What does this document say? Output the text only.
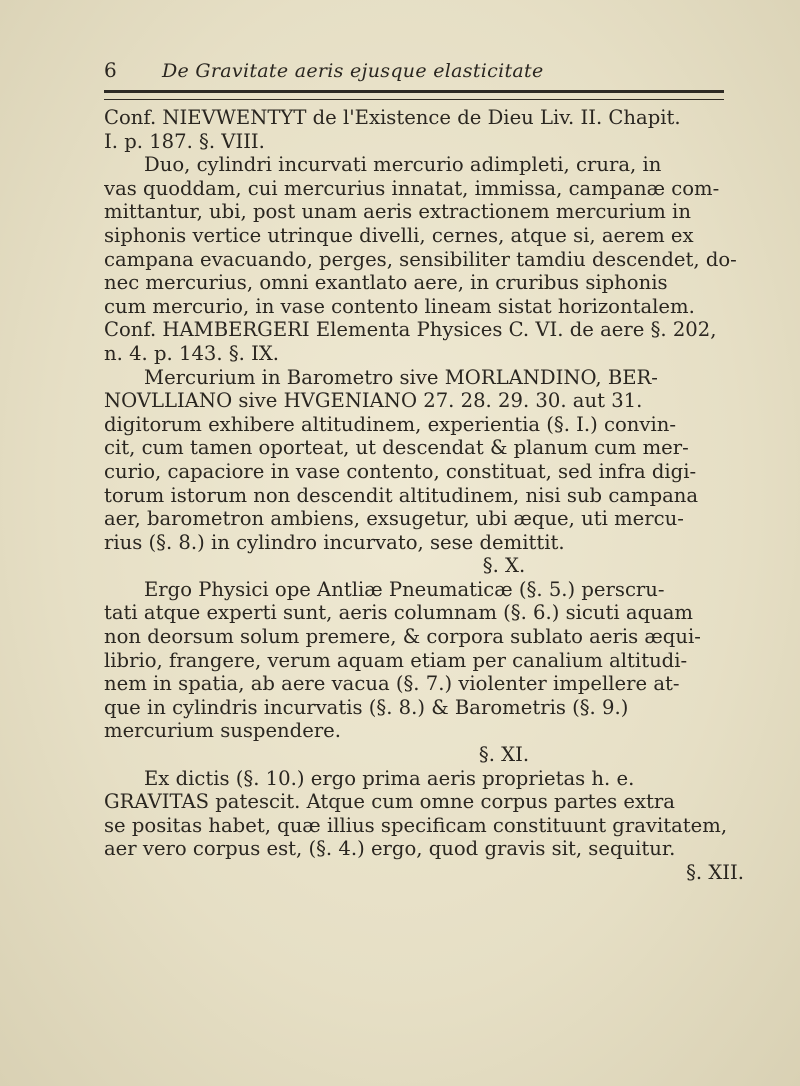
6	De Gravitate aeris ejusque elasticitate
Conf. NIEVWENTYT de l'Existence de Dieu Liv. II. Chapit.
I. p. 187. §. VIII.
Duo, cylindri incurvati mercurio adimpleti, crura, in
vas quoddam, cui mercurius innatat, immissa, campanæ com-
mittantur, ubi, post unam aeris extractionem mercurium in
siphonis vertice utrinque divelli, cernes, atque si, aerem ex
campana evacuando, perges, sensibiliter tamdiu descendet, do-
nec mercurius, omni exantlato aere, in cruribus siphonis
cum mercurio, in vase contento lineam sistat horizontalem.
Conf. HAMBERGERI Elementa Physices C. VI. de aere §. 202,
n. 4. p. 143. §. IX.
Mercurium in Barometro sive MORLANDINO, BER-
NOVLLIANO sive HVGENIANO 27. 28. 29. 30. aut 31.
digitorum exhibere altitudinem, experientia (§. I.) convin-
cit, cum tamen oporteat, ut descendat & planum cum mer-
curio, capaciore in vase contento, constituat, sed infra digi-
torum istorum non descendit altitudinem, nisi sub campana
aer, barometron ambiens, exsugetur, ubi æque, uti mercu-
rius (§. 8.) in cylindro incurvato, sese demittit.
§. X.
Ergo Physici ope Antliæ Pneumaticæ (§. 5.) perscru-
tati atque experti sunt, aeris columnam (§. 6.) sicuti aquam
non deorsum solum premere, & corpora sublato aeris æqui-
librio, frangere, verum aquam etiam per canalium altitudi-
nem in spatia, ab aere vacua (§. 7.) violenter impellere at-
que in cylindris incurvatis (§. 8.) & Barometris (§. 9.)
mercurium suspendere.
§. XI.
Ex dictis (§. 10.) ergo prima aeris proprietas h. e.
GRAVITAS patescit. Atque cum omne corpus partes extra
se positas habet, quæ illius specificam constituunt gravitatem,
aer vero corpus est, (§. 4.) ergo, quod gravis sit, sequitur.
§. XII.
